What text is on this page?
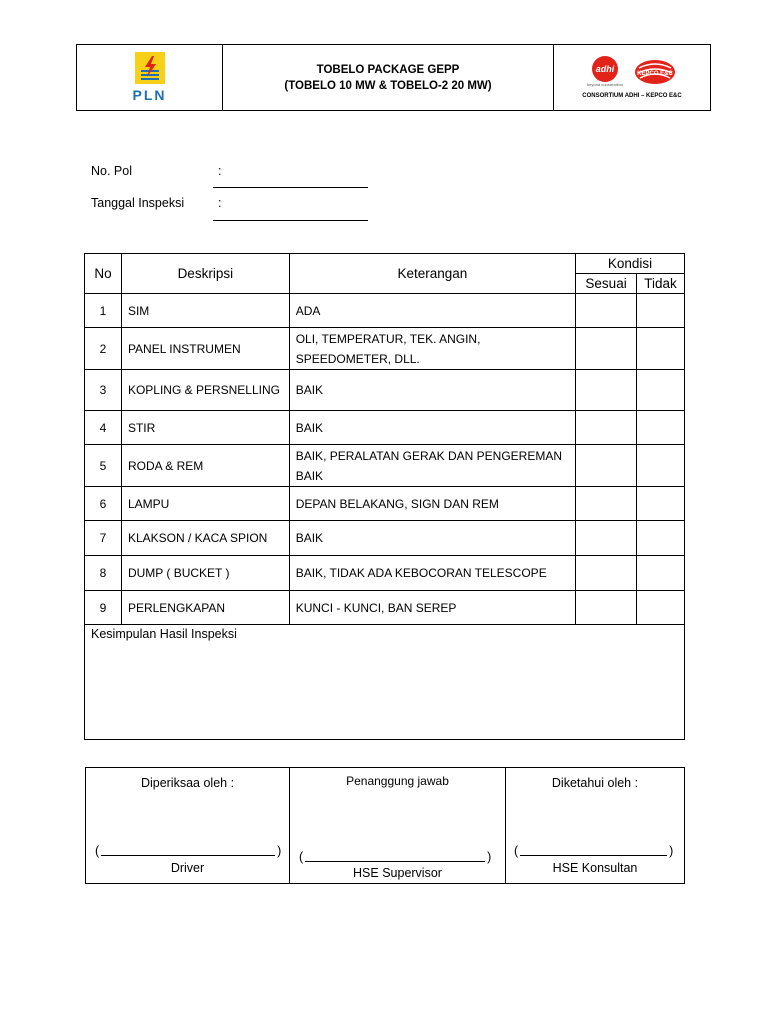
PLN
TOBELO PACKAGE GEPP
(TOBELO 10 MW & TOBELO-2 20 MW)
adhi
beyond construction
KEPCO E&C
CONSORTIUM ADHI – KEPCO E&C
No. Pol	:
Tanggal Inspeksi	:
No	Deskripsi	Keterangan	Kondisi	
			Sesuai	Tidak
1	SIM	ADA		
2	PANEL INSTRUMEN	OLI, TEMPERATUR, TEK. ANGIN, SPEEDOMETER, DLL.		
3	KOPLING & PERSNELLING	BAIK		
4	STIR	BAIK		
5	RODA & REM	BAIK, PERALATAN GERAK DAN PENGEREMAN BAIK		
6	LAMPU	DEPAN BELAKANG, SIGN DAN REM		
7	KLAKSON / KACA SPION	BAIK		
8	DUMP ( BUCKET )	BAIK, TIDAK ADA KEBOCORAN TELESCOPE		
9	PERLENGKAPAN	KUNCI - KUNCI, BAN SEREP		
Kesimpulan Hasil Inspeksi				
Diperiksaa oleh :
(	)
Driver
Penanggung jawab
(	)
HSE Supervisor
Diketahui oleh :
(	)
HSE Konsultan
